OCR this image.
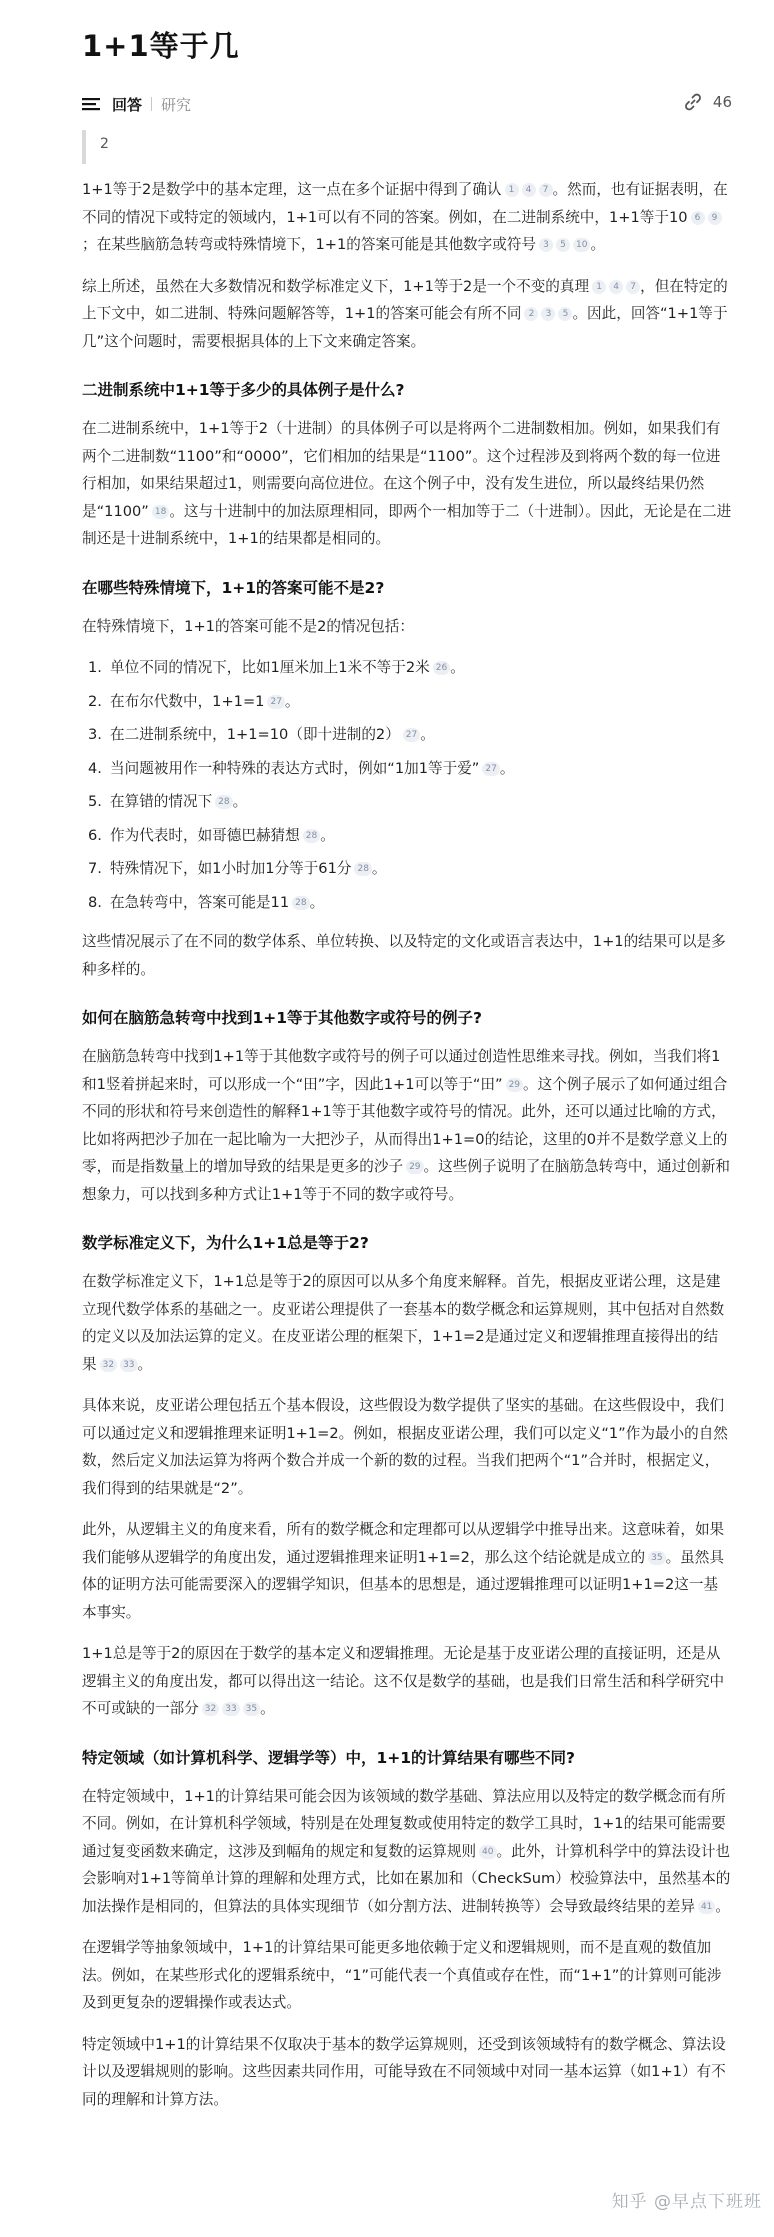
1+1等于几
回答 研究	46
2
1+1等于2是数学中的基本定理，这一点在多个证据中得到了确认 1 4 7 。然而，也有证据表明，在不同的情况下或特定的领域内，1+1可以有不同的答案。例如，在二进制系统中，1+1等于10 6 9；在某些脑筋急转弯或特殊情境下，1+1的答案可能是其他数字或符号 3 5 10 。
综上所述，虽然在大多数情况和数学标准定义下，1+1等于2是一个不变的真理 1 4 7 ，但在特定的上下文中，如二进制、特殊问题解答等，1+1的答案可能会有所不同 2 3 5 。因此，回答“1+1等于几”这个问题时，需要根据具体的上下文来确定答案。
二进制系统中1+1等于多少的具体例子是什么?
在二进制系统中，1+1等于2（十进制）的具体例子可以是将两个二进制数相加。例如，如果我们有两个二进制数“1100”和“0000”，它们相加的结果是“1100”。这个过程涉及到将两个数的每一位进行相加，如果结果超过1，则需要向高位进位。在这个例子中，没有发生进位，所以最终结果仍然是“1100” 18 。这与十进制中的加法原理相同，即两个一相加等于二（十进制）。因此，无论是在二进制还是十进制系统中，1+1的结果都是相同的。
在哪些特殊情境下，1+1的答案可能不是2?
在特殊情境下，1+1的答案可能不是2的情况包括：
1 . 单位不同的情况下，比如1厘米加上1米不等于2米 26 。
2 . 在布尔代数中，1+1=1 27 。
3 . 在二进制系统中，1+1=10（即十进制的2） 27 。
4 . 当问题被用作一种特殊的表达方式时，例如“1加1等于爱” 27 。
5 . 在算错的情况下 28 。
6 . 作为代表时，如哥德巴赫猜想 28 。
7 . 特殊情况下，如1小时加1分等于61分 28 。
8 . 在急转弯中，答案可能是11 28 。
这些情况展示了在不同的数学体系、单位转换、以及特定的文化或语言表达中，1+1的结果可以是多种多样的。
如何在脑筋急转弯中找到1+1等于其他数字或符号的例子?
在脑筋急转弯中找到1+1等于其他数字或符号的例子可以通过创造性思维来寻找。例如，当我们将1和1竖着拼起来时，可以形成一个“田”字，因此1+1可以等于“田” 29 。这个例子展示了如何通过组合不同的形状和符号来创造性的解释1+1等于其他数字或符号的情况。此外，还可以通过比喻的方式，比如将两把沙子加在一起比喻为一大把沙子，从而得出1+1=0的结论，这里的0并不是数学意义上的零，而是指数量上的增加导致的结果是更多的沙子 29 。这些例子说明了在脑筋急转弯中，通过创新和想象力，可以找到多种方式让1+1等于不同的数字或符号。
数学标准定义下，为什么1+1总是等于2?
在数学标准定义下，1+1总是等于2的原因可以从多个角度来解释。首先，根据皮亚诺公理，这是建立现代数学体系的基础之一。皮亚诺公理提供了一套基本的数学概念和运算规则，其中包括对自然数的定义以及加法运算的定义。在皮亚诺公理的框架下，1+1=2是通过定义和逻辑推理直接得出的结果 32 33 。
具体来说，皮亚诺公理包括五个基本假设，这些假设为数学提供了坚实的基础。在这些假设中，我们可以通过定义和逻辑推理来证明1+1=2。例如，根据皮亚诺公理，我们可以定义“1”作为最小的自然数，然后定义加法运算为将两个数合并成一个新的数的过程。当我们把两个“1”合并时，根据定义，我们得到的结果就是“2”。
此外，从逻辑主义的角度来看，所有的数学概念和定理都可以从逻辑学中推导出来。这意味着，如果我们能够从逻辑学的角度出发，通过逻辑推理来证明1+1=2，那么这个结论就是成立的 35 。虽然具体的证明方法可能需要深入的逻辑学知识，但基本的思想是，通过逻辑推理可以证明1+1=2这一基本事实。
1+1总是等于2的原因在于数学的基本定义和逻辑推理。无论是基于皮亚诺公理的直接证明，还是从逻辑主义的角度出发，都可以得出这一结论。这不仅是数学的基础，也是我们日常生活和科学研究中不可或缺的一部分 32 33 35 。
特定领域（如计算机科学、逻辑学等）中，1+1的计算结果有哪些不同?
在特定领域中，1+1的计算结果可能会因为该领域的数学基础、算法应用以及特定的数学概念而有所不同。例如，在计算机科学领域，特别是在处理复数或使用特定的数学工具时，1+1的结果可能需要通过复变函数来确定，这涉及到幅角的规定和复数的运算规则 40 。此外，计算机科学中的算法设计也会影响对1+1等简单计算的理解和处理方式，比如在累加和（CheckSum）校验算法中，虽然基本的加法操作是相同的，但算法的具体实现细节（如分割方法、进制转换等）会导致最终结果的差异 41 。
在逻辑学等抽象领域中，1+1的计算结果可能更多地依赖于定义和逻辑规则，而不是直观的数值加法。例如，在某些形式化的逻辑系统中，“1”可能代表一个真值或存在性，而“1+1”的计算则可能涉及到更复杂的逻辑操作或表达式。
特定领域中1+1的计算结果不仅取决于基本的数学运算规则，还受到该领域特有的数学概念、算法设计以及逻辑规则的影响。这些因素共同作用，可能导致在不同领域中对同一基本运算（如1+1）有不同的理解和计算方法。
知乎 @早点下班班
